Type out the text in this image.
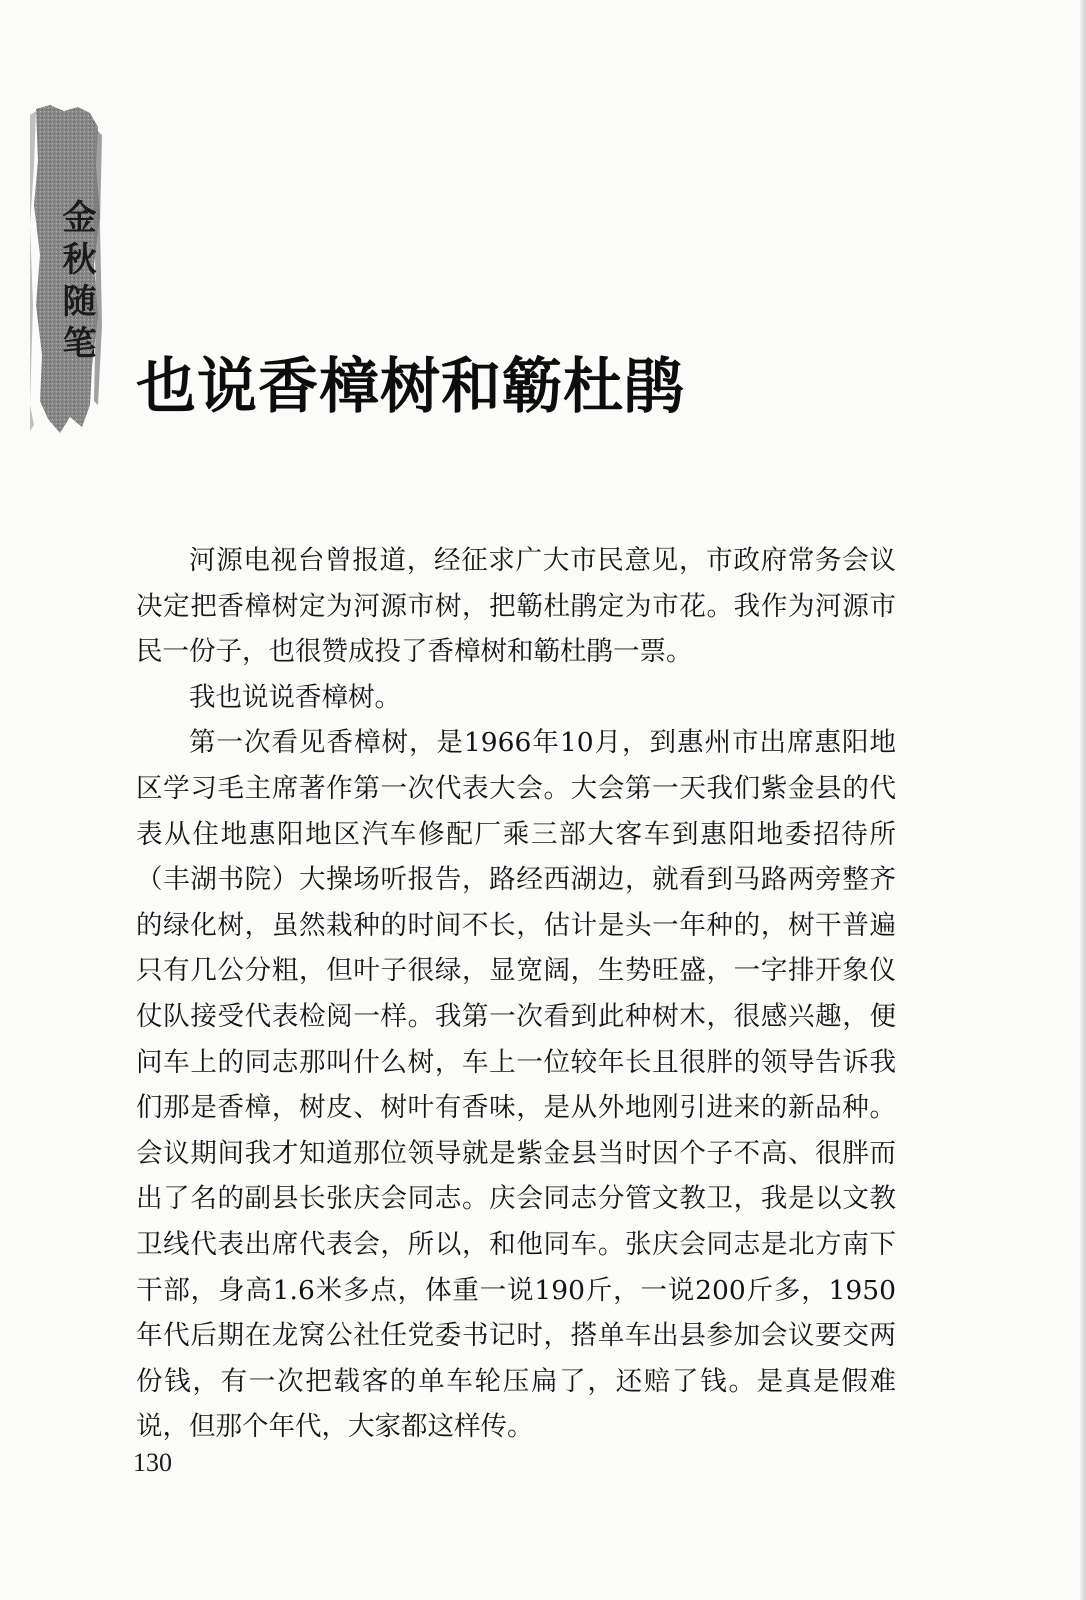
金秋随笔
也说香樟树和簕杜鹃

河源电视台曾报道，经征求广大市民意见，市政府常务会议决定把香樟树定为河源市树，把簕杜鹃定为市花。我作为河源市民一份子，也很赞成投了香樟树和簕杜鹃一票。

我也说说香樟树。

第一次看见香樟树，是1966年10月，到惠州市出席惠阳地区学习毛主席著作第一次代表大会。大会第一天我们紫金县的代表从住地惠阳地区汽车修配厂乘三部大客车到惠阳地委招待所（丰湖书院）大操场听报告，路经西湖边，就看到马路两旁整齐的绿化树，虽然栽种的时间不长，估计是头一年种的，树干普遍只有几公分粗，但叶子很绿，显宽阔，生势旺盛，一字排开象仪仗队接受代表检阅一样。我第一次看到此种树木，很感兴趣，便问车上的同志那叫什么树，车上一位较年长且很胖的领导告诉我们那是香樟，树皮、树叶有香味，是从外地刚引进来的新品种。会议期间我才知道那位领导就是紫金县当时因个子不高、很胖而出了名的副县长张庆会同志。庆会同志分管文教卫，我是以文教卫线代表出席代表会，所以，和他同车。张庆会同志是北方南下干部，身高1.6米多点，体重一说190斤，一说200斤多，1950年代后期在龙窝公社任党委书记时，搭单车出县参加会议要交两份钱，有一次把载客的单车轮压扁了，还赔了钱。是真是假难说，但那个年代，大家都这样传。

130
